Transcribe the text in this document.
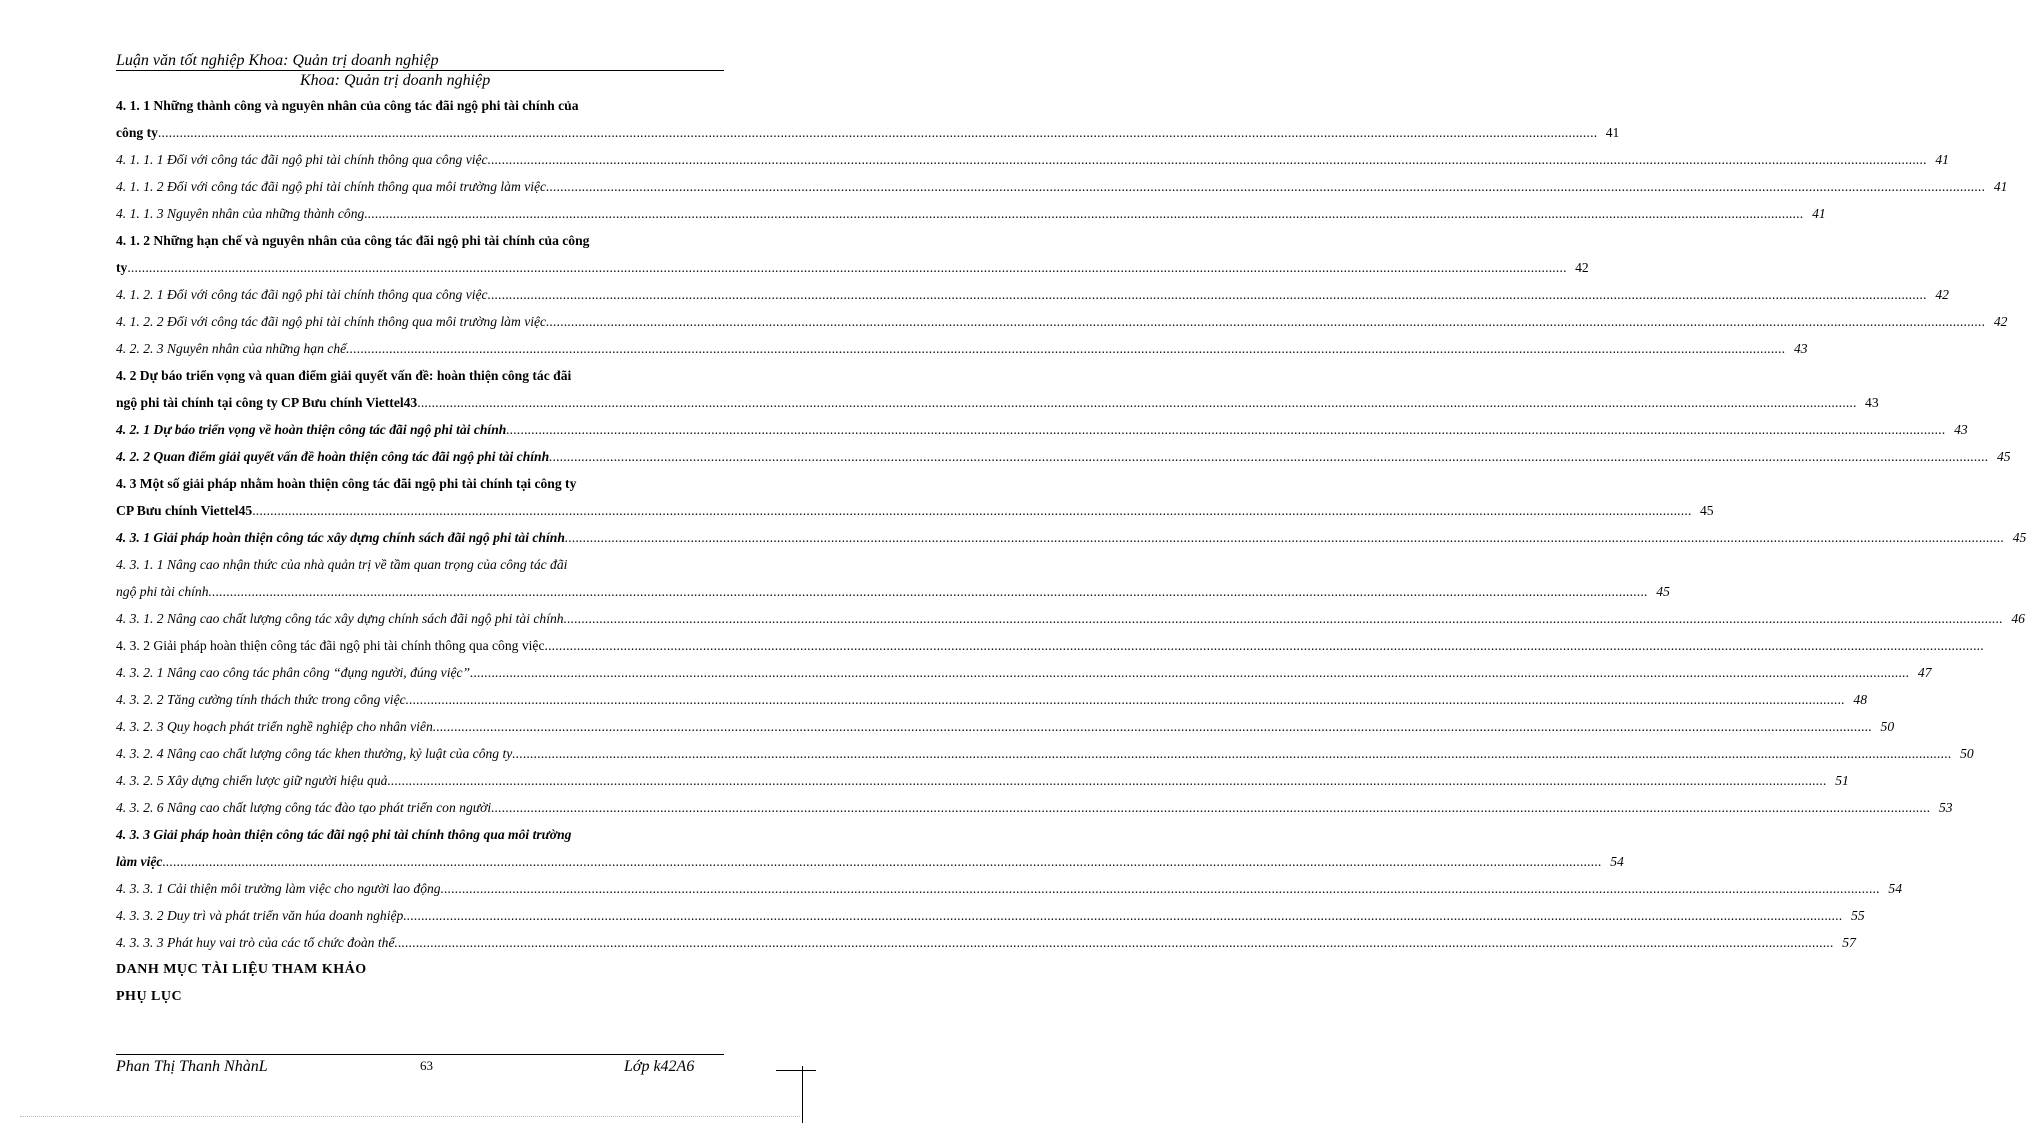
Luận văn tốt nghiệp Khoa: Quản trị doanh nghiệp
Khoa: Quản trị doanh nghiệp
4. 1. 1 Những thành công và nguyên nhân của công tác đãi ngộ phi tài chính của
công ty ................................................................................................................................................................................................................................................................................................................................................................................................................ 41
4. 1. 1. 1 Đối với công tác đãi ngộ phi tài chính thông qua công việc ................................................................................................................................................................................................................................................................................................................................................................................................................ 41
4. 1. 1. 2 Đối với công tác đãi ngộ phi tài chính thông qua môi trường làm việc ................................................................................................................................................................................................................................................................................................................................................................................................................ 41
4. 1. 1. 3 Nguyên nhân của những thành công ................................................................................................................................................................................................................................................................................................................................................................................................................ 41
4. 1. 2 Những hạn chế và nguyên nhân của công tác đãi ngộ phi tài chính của công
ty ................................................................................................................................................................................................................................................................................................................................................................................................................ 42
4. 1. 2. 1 Đối với công tác đãi ngộ phi tài chính thông qua công việc ................................................................................................................................................................................................................................................................................................................................................................................................................ 42
4. 1. 2. 2 Đối với công tác đãi ngộ phi tài chính thông qua môi trường làm việc ................................................................................................................................................................................................................................................................................................................................................................................................................ 42
4. 2. 2. 3 Nguyên nhân của những hạn chế ................................................................................................................................................................................................................................................................................................................................................................................................................ 43
4. 2 Dự báo triển vọng và quan điểm giải quyết vấn đề: hoàn thiện công tác đãi
ngộ phi tài chính tại công ty CP Bưu chính Viettel43 ................................................................................................................................................................................................................................................................................................................................................................................................................ 43
4. 2. 1 Dự báo triển vọng về hoàn thiện công tác đãi ngộ phi tài chính ................................................................................................................................................................................................................................................................................................................................................................................................................ 43
4. 2. 2 Quan điểm giải quyết vấn đề hoàn thiện công tác đãi ngộ phi tài chính ................................................................................................................................................................................................................................................................................................................................................................................................................ 45
4. 3 Một số giải pháp nhằm hoàn thiện công tác đãi ngộ phi tài chính tại công ty
CP Bưu chính Viettel45 ................................................................................................................................................................................................................................................................................................................................................................................................................ 45
4. 3. 1 Giải pháp hoàn thiện công tác xây dựng chính sách đãi ngộ phi tài chính ................................................................................................................................................................................................................................................................................................................................................................................................................ 45
4. 3. 1. 1 Nâng cao nhận thức của nhà quản trị về tầm quan trọng của công tác đãi
ngộ phi tài chính ................................................................................................................................................................................................................................................................................................................................................................................................................ 45
4. 3. 1. 2 Nâng cao chất lượng công tác xây dựng chính sách đãi ngộ phi tài chính ................................................................................................................................................................................................................................................................................................................................................................................................................ 46
4. 3. 2 Giải pháp hoàn thiện công tác đãi ngộ phi tài chính thông qua công việc ................................................................................................................................................................................................................................................................................................................................................................................................................
4. 3. 2. 1 Nâng cao công tác phân công “đụng người, đúng việc” ................................................................................................................................................................................................................................................................................................................................................................................................................ 47
4. 3. 2. 2 Tăng cường tính thách thức trong công việc ................................................................................................................................................................................................................................................................................................................................................................................................................ 48
4. 3. 2. 3 Quy hoạch phát triển nghề nghiệp cho nhân viên ................................................................................................................................................................................................................................................................................................................................................................................................................ 50
4. 3. 2. 4 Nâng cao chất lượng công tác khen thưởng, kỷ luật của công ty ................................................................................................................................................................................................................................................................................................................................................................................................................ 50
4. 3. 2. 5 Xây dựng chiến lược giữ người hiệu quả ................................................................................................................................................................................................................................................................................................................................................................................................................ 51
4. 3. 2. 6 Nâng cao chất lượng công tác đào tạo phát triển con người ................................................................................................................................................................................................................................................................................................................................................................................................................ 53
4. 3. 3 Giải pháp hoàn thiện công tác đãi ngộ phi tài chính thông qua môi trường
làm việc ................................................................................................................................................................................................................................................................................................................................................................................................................ 54
4. 3. 3. 1 Cải thiện môi trường làm việc cho người lao động ................................................................................................................................................................................................................................................................................................................................................................................................................ 54
4. 3. 3. 2 Duy trì và phát triển văn húa doanh nghiệp ................................................................................................................................................................................................................................................................................................................................................................................................................ 55
4. 3. 3. 3 Phát huy vai trò của các tổ chức đoàn thể ................................................................................................................................................................................................................................................................................................................................................................................................................ 57
DANH MỤC TÀI LIỆU THAM KHẢO
PHỤ LỤC
Phan Thị Thanh NhànL	63	Lớp k42A6
